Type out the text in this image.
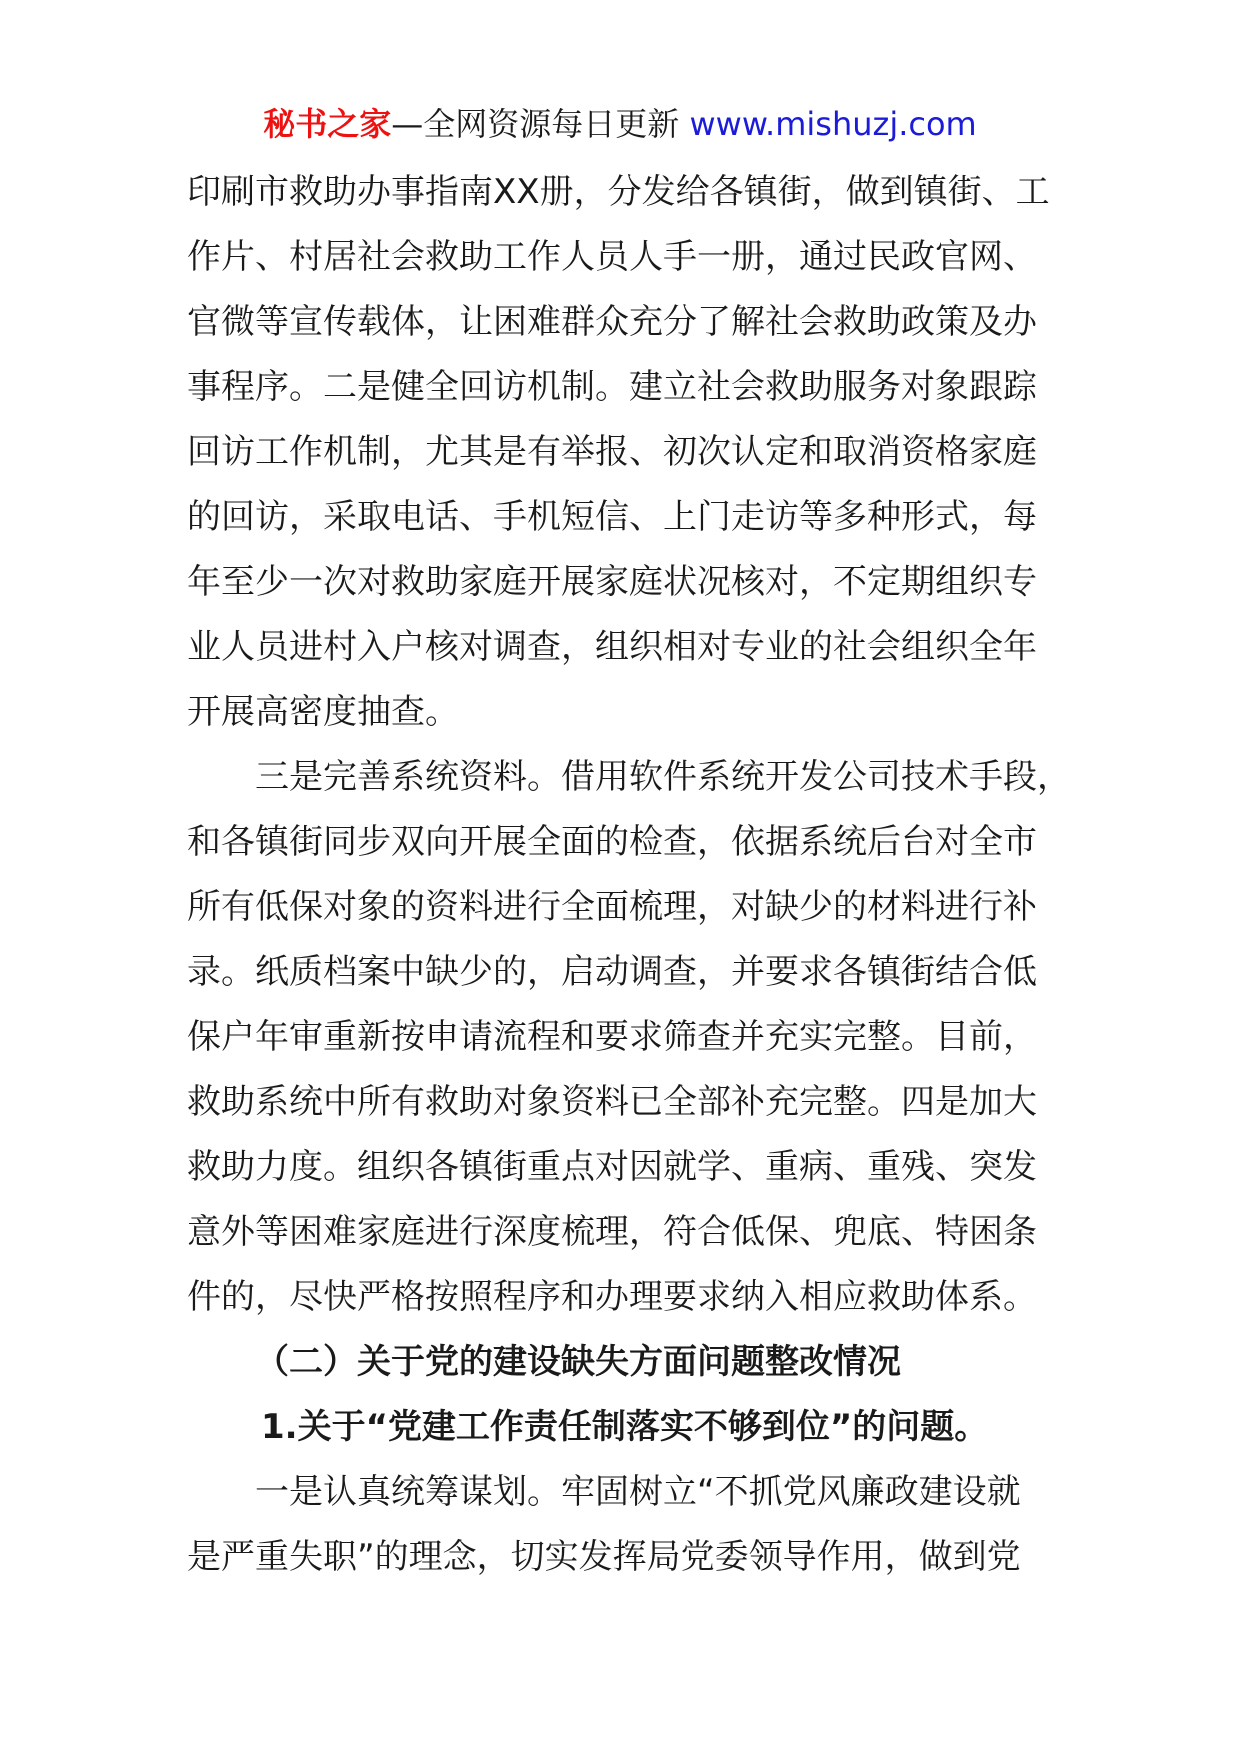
秘书之家—全网资源每日更新 www.mishuzj.com
印刷市救助办事指南XX册，分发给各镇街，做到镇街、工
作片、村居社会救助工作人员人手一册，通过民政官网、
官微等宣传载体，让困难群众充分了解社会救助政策及办
事程序。二是健全回访机制。建立社会救助服务对象跟踪
回访工作机制，尤其是有举报、初次认定和取消资格家庭
的回访，采取电话、手机短信、上门走访等多种形式，每
年至少一次对救助家庭开展家庭状况核对，不定期组织专
业人员进村入户核对调查，组织相对专业的社会组织全年
开展高密度抽查。
三是完善系统资料。借用软件系统开发公司技术手段，
和各镇街同步双向开展全面的检查，依据系统后台对全市
所有低保对象的资料进行全面梳理，对缺少的材料进行补
录。纸质档案中缺少的，启动调查，并要求各镇街结合低
保户年审重新按申请流程和要求筛查并充实完整。目前，
救助系统中所有救助对象资料已全部补充完整。四是加大
救助力度。组织各镇街重点对因就学、重病、重残、突发
意外等困难家庭进行深度梳理，符合低保、兜底、特困条
件的，尽快严格按照程序和办理要求纳入相应救助体系。
（二）关于党的建设缺失方面问题整改情况
1.关于“党建工作责任制落实不够到位”的问题。
一是认真统筹谋划。牢固树立“不抓党风廉政建设就
是严重失职”的理念，切实发挥局党委领导作用，做到党
